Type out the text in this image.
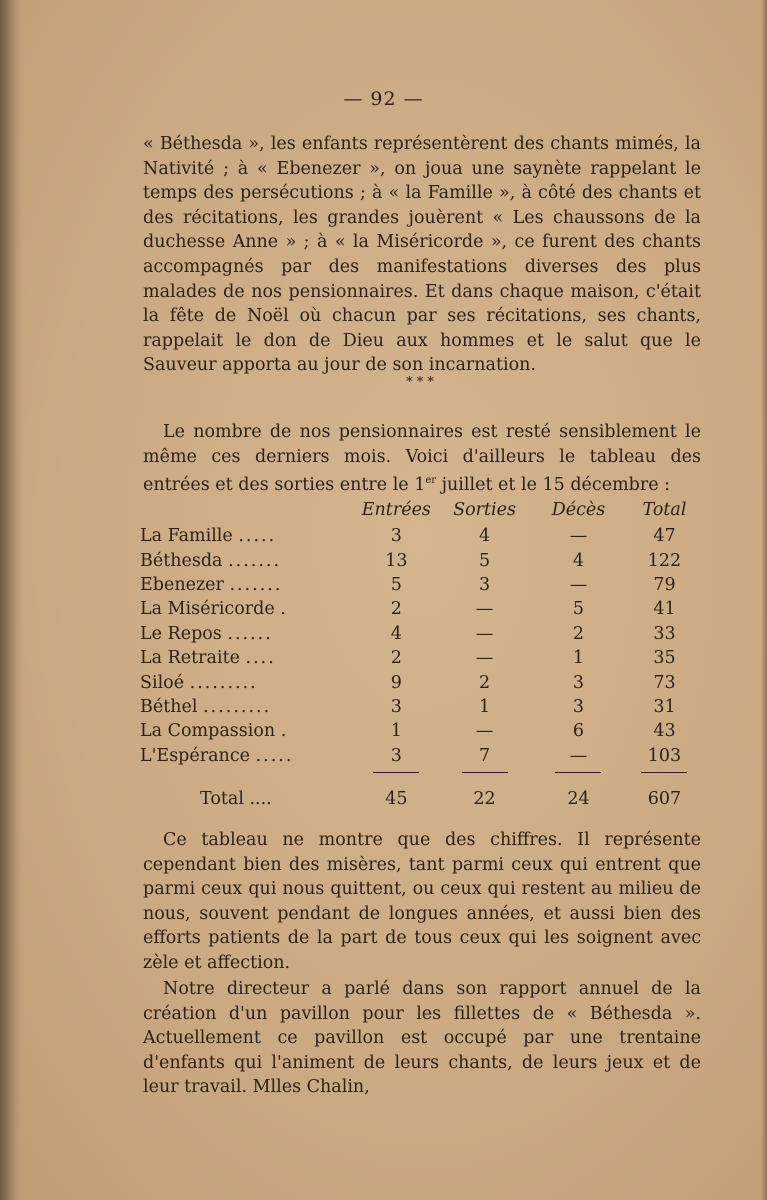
— 92 —

« Béthesda », les enfants représentèrent des chants mimés, la Nativité ; à « Ebenezer », on joua une saynète rappelant le temps des persécutions ; à « la Famille », à côté des chants et des récitations, les grandes jouèrent « Les chaussons de la duchesse Anne » ; à « la Miséricorde », ce furent des chants accompagnés par des manifestations diverses des plus malades de nos pensionnaires. Et dans chaque maison, c'était la fête de Noël où chacun par ses récitations, ses chants, rappelait le don de Dieu aux hommes et le salut que le Sauveur apporta au jour de son incarnation.

* * *

Le nombre de nos pensionnaires est resté sensiblement le même ces derniers mois. Voici d'ailleurs le tableau des entrées et des sorties entre le 1er juillet et le 15 décembre :

	Entrées	Sorties	Décès	Total
La Famille .....	3	4	—	47
Béthesda .......	13	5	4	122
Ebenezer .......	5	3	—	79
La Miséricorde .	2	—	5	41
Le Repos ......	4	—	2	33
La Retraite ....	2	—	1	35
Siloé .........	9	2	3	73
Béthel .........	3	1	3	31
La Compassion .	1	—	6	43
L'Espérance .....	3	7	—	103

Total ....	45	22	24	607

Ce tableau ne montre que des chiffres. Il représente cependant bien des misères, tant parmi ceux qui entrent que parmi ceux qui nous quittent, ou ceux qui restent au milieu de nous, souvent pendant de longues années, et aussi bien des efforts patients de la part de tous ceux qui les soignent avec zèle et affection.

Notre directeur a parlé dans son rapport annuel de la création d'un pavillon pour les fillettes de « Béthesda ». Actuellement ce pavillon est occupé par une trentaine d'enfants qui l'animent de leurs chants, de leurs jeux et de leur travail. Mlles Chalin,
